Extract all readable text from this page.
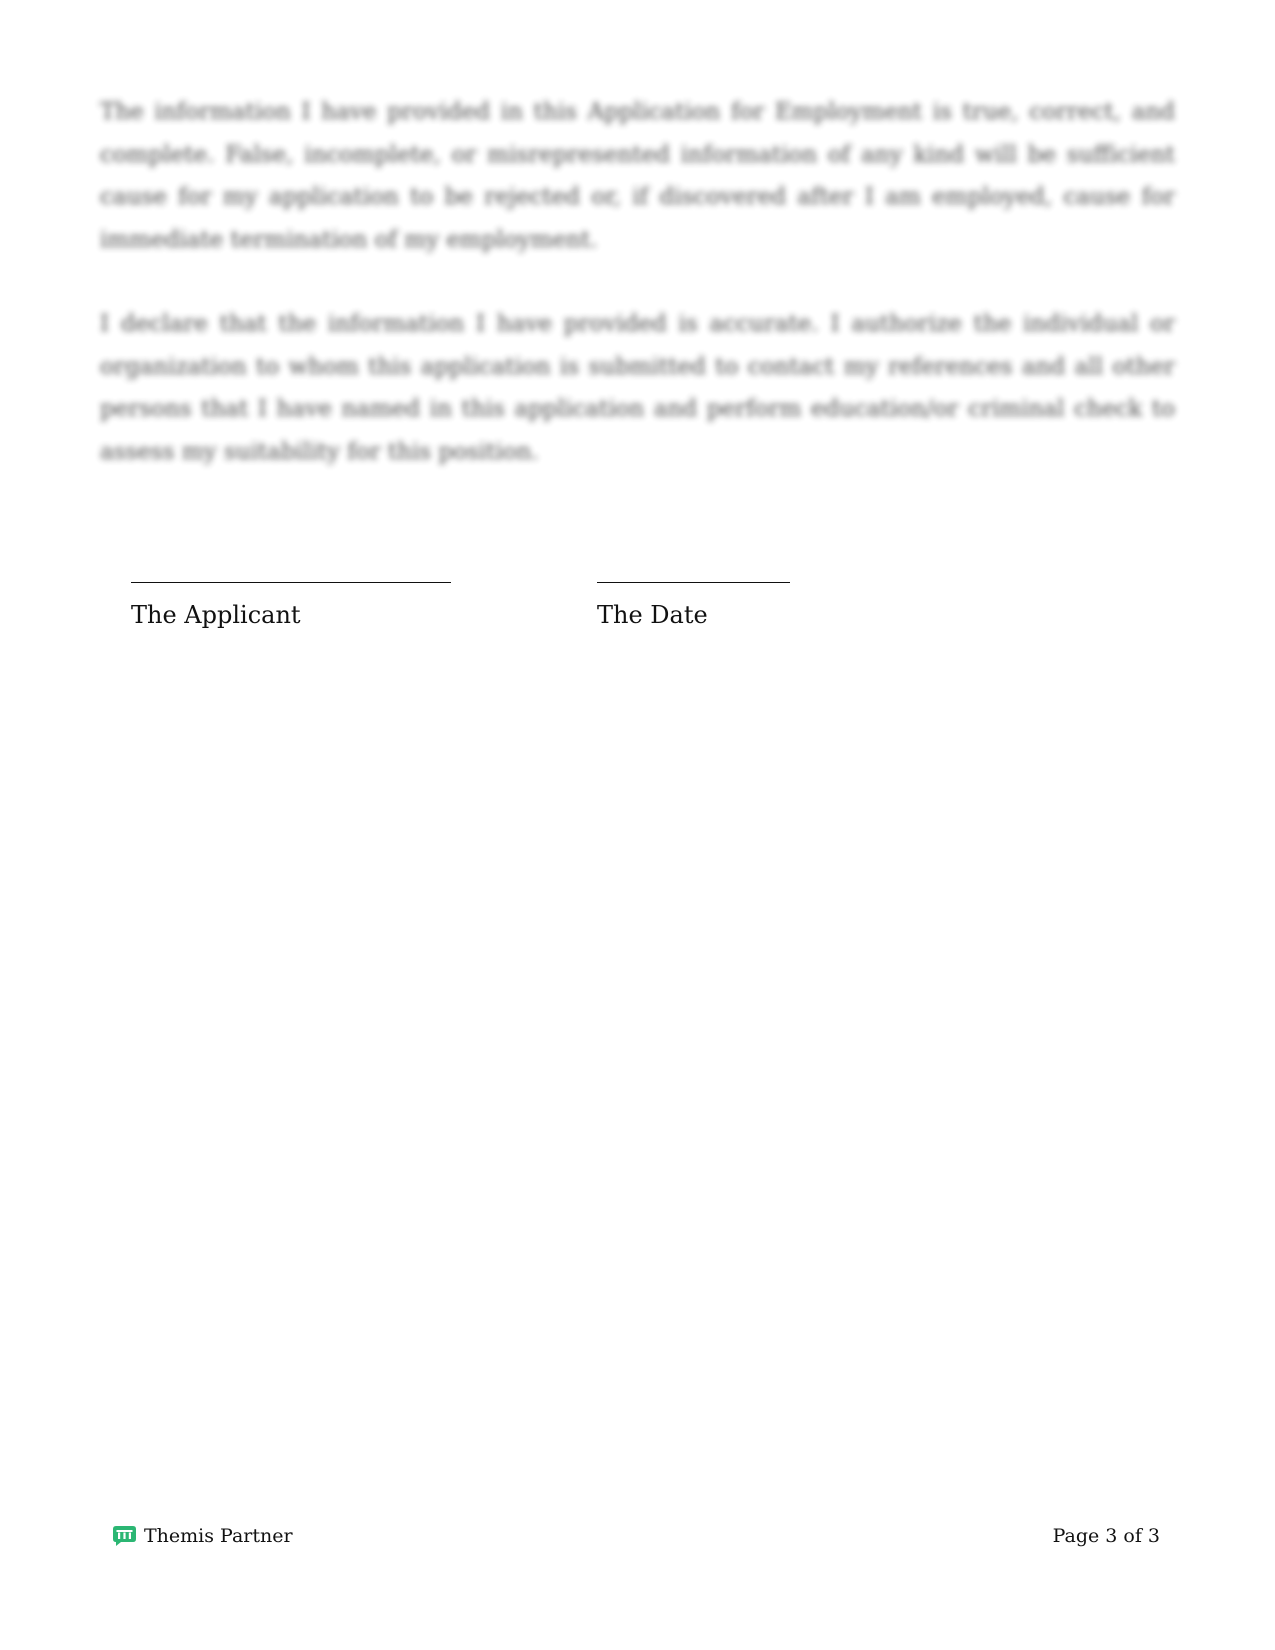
The information I have provided in this Application for Employment is true, correct, and complete. False, incomplete, or misrepresented information of any kind will be sufficient cause for my application to be rejected or, if discovered after I am employed, cause for immediate termination of my employment.

I declare that the information I have provided is accurate. I authorize the individual or organization to whom this application is submitted to contact my references and all other persons that I have named in this application and perform education/or criminal check to assess my suitability for this position.

The Applicant	The Date
Themis Partner	Page 3 of 3
